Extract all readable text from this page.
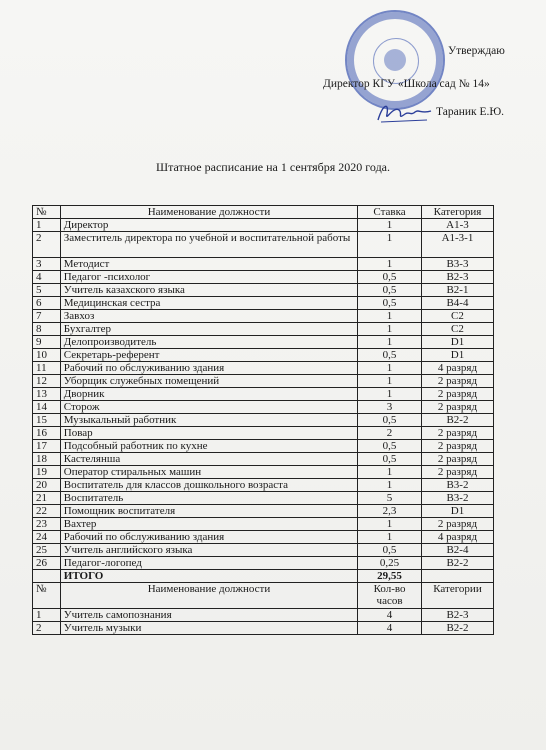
Утверждаю
Директор КГУ «Школа сад № 14»
Тараник Е.Ю.
Штатное расписание на 1 сентября 2020 года.
№	Наименование должности	Ставка	Категория
1	Директор	1	А1-3
2	Заместитель директора по учебной и воспитательной работы	1	А1-3-1
3	Методист	1	В3-3
4	Педагог -психолог	0,5	В2-3
5	Учитель казахского языка	0,5	В2-1
6	Медицинская сестра	0,5	В4-4
7	Завхоз	1	С2
8	Бухгалтер	1	С2
9	Делопроизводитель	1	D1
10	Секретарь-референт	0,5	D1
11	Рабочий по обслуживанию здания	1	4 разряд
12	Уборщик служебных помещений	1	2 разряд
13	Дворник	1	2 разряд
14	Сторож	3	2 разряд
15	Музыкальный работник	0,5	В2-2
16	Повар	2	2 разряд
17	Подсобный работник по кухне	0,5	2 разряд
18	Кастелянша	0,5	2 разряд
19	Оператор стиральных машин	1	2 разряд
20	Воспитатель для классов дошкольного возраста	1	В3-2
21	Воспитатель	5	В3-2
22	Помощник воспитателя	2,3	D1
23	Вахтер	1	2 разряд
24	Рабочий по обслуживанию здания	1	4 разряд
25	Учитель английского языка	0,5	В2-4
26	Педагог-логопед	0,25	В2-2
	ИТОГО	29,55	
№	Наименование должности	Кол-во часов	Категории
1	Учитель самопознания	4	В2-3
2	Учитель музыки	4	В2-2
